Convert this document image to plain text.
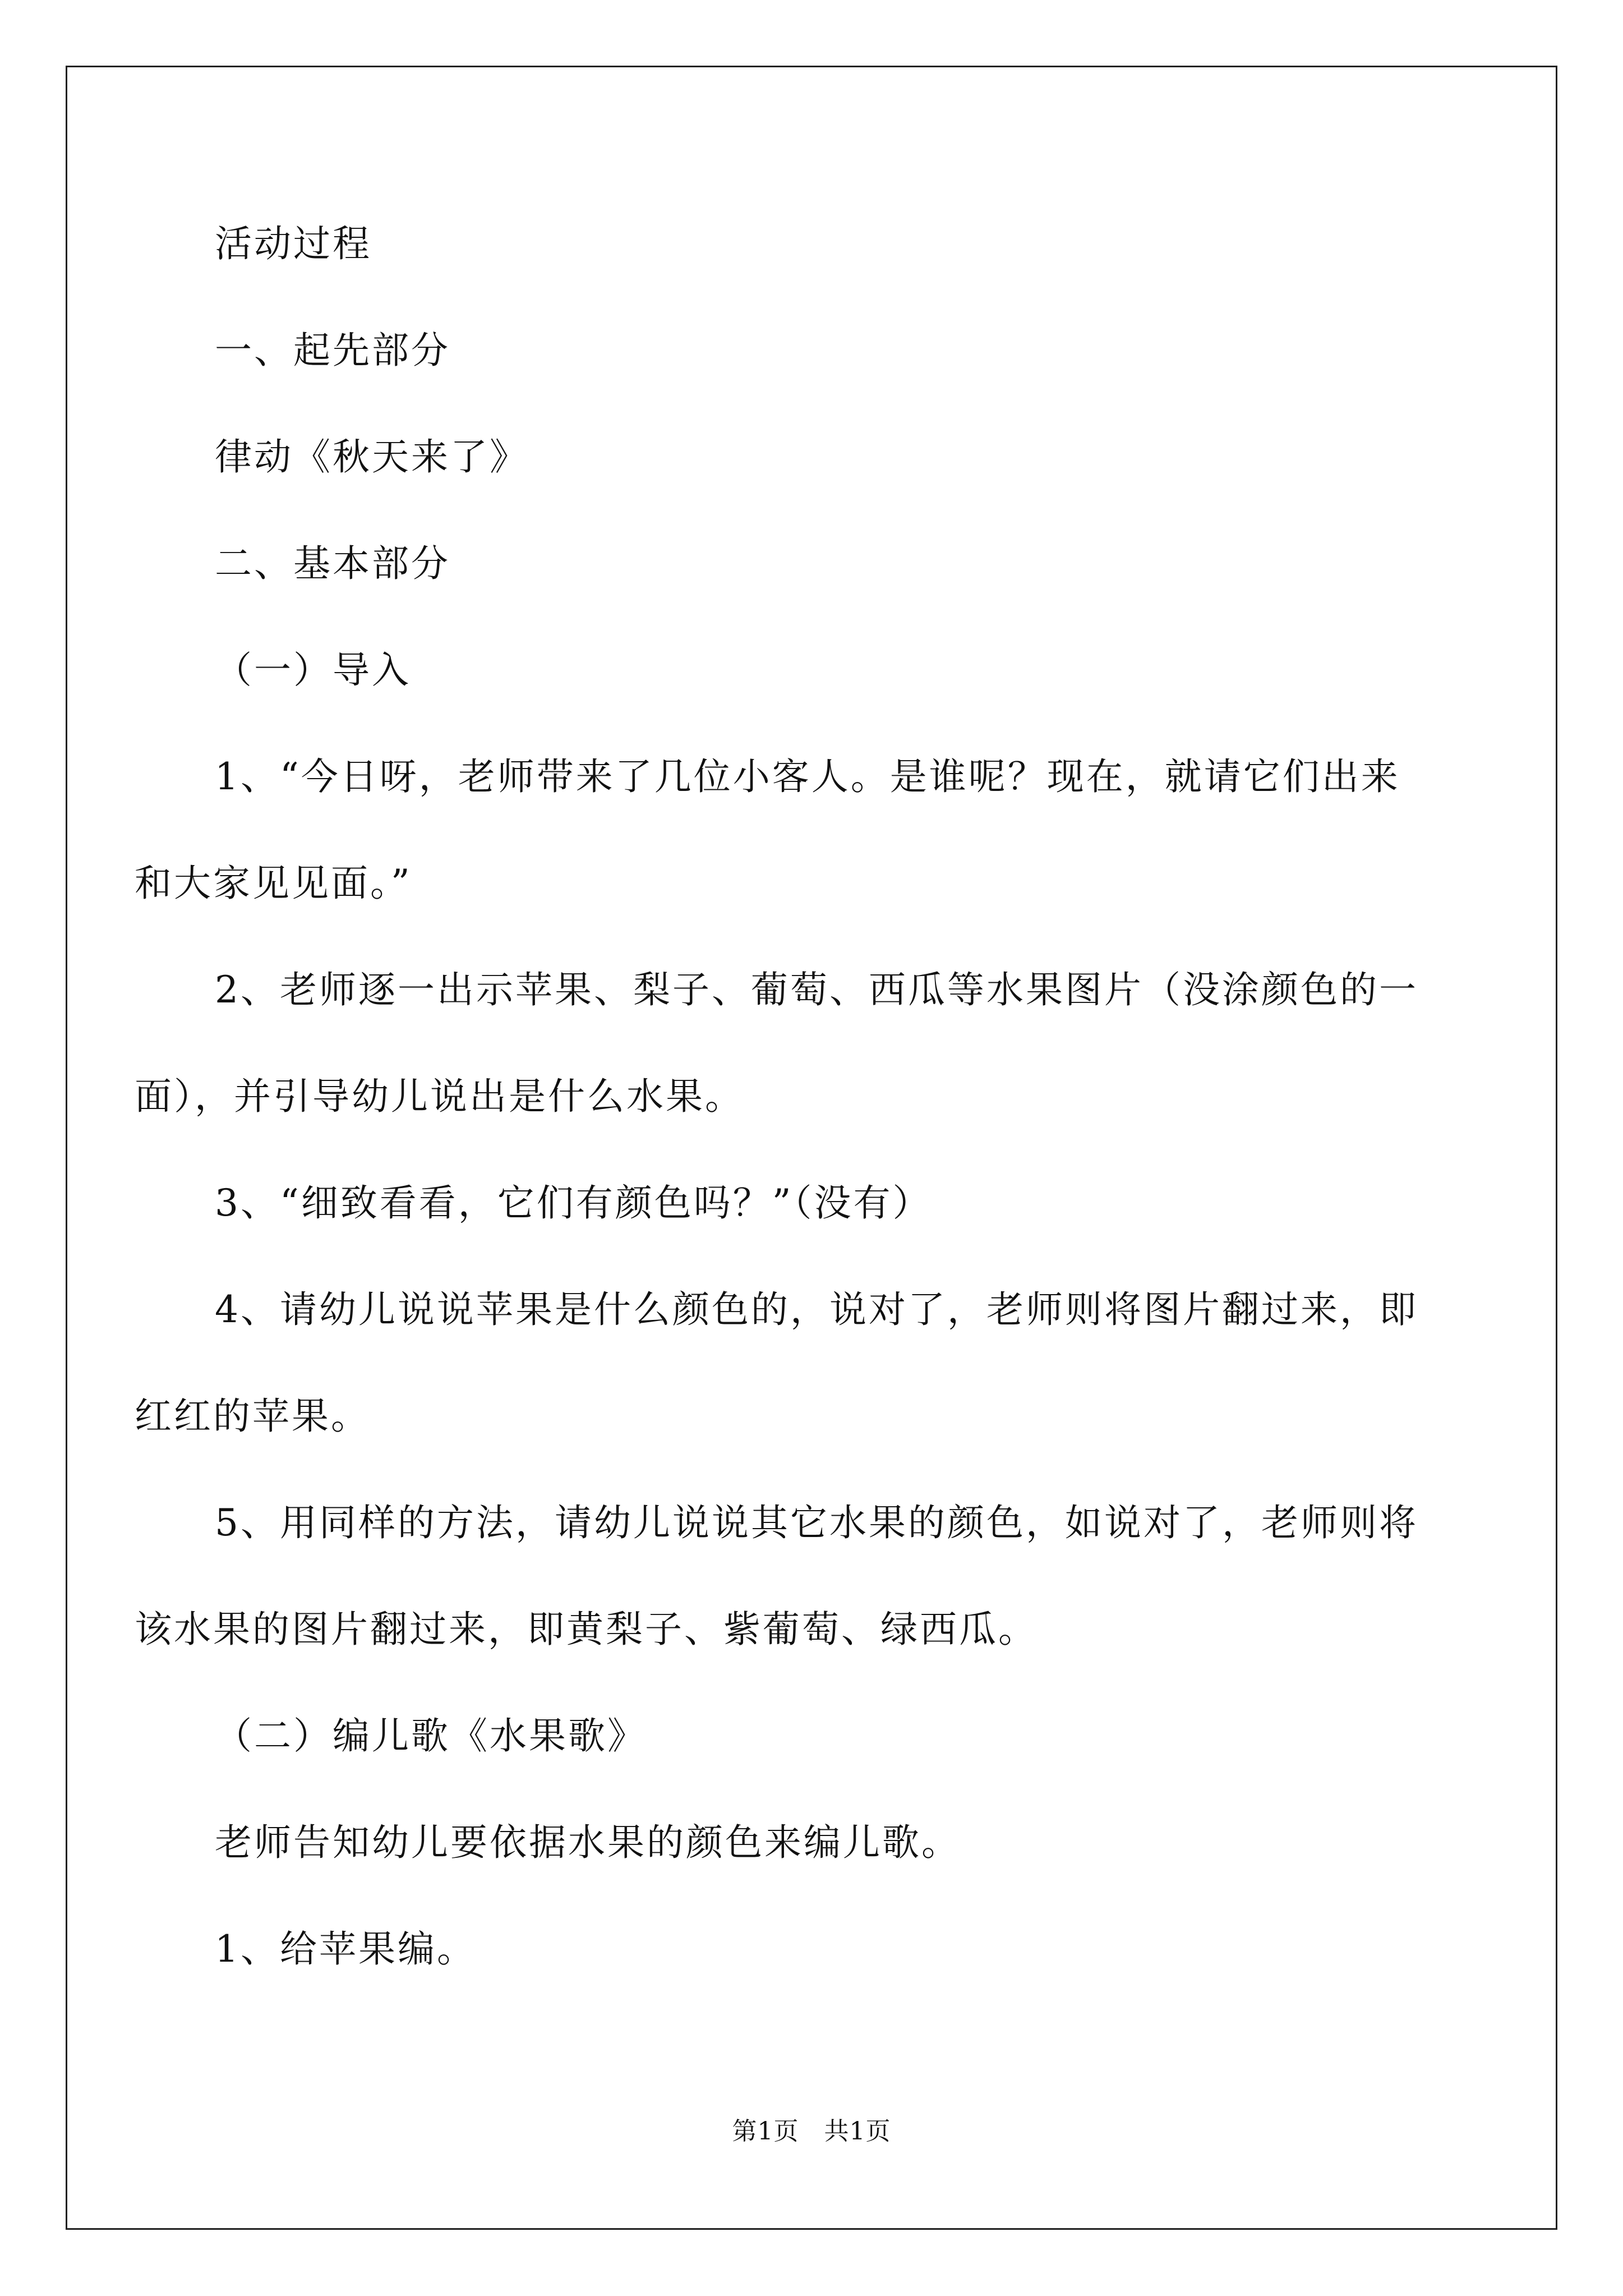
活动过程

一、起先部分

律动《秋天来了》

二、基本部分

（一）导入

1、“今日呀，老师带来了几位小客人。是谁呢？现在，就请它们出来和大家见见面。”

2、老师逐一出示苹果、梨子、葡萄、西瓜等水果图片（没涂颜色的一面），并引导幼儿说出是什么水果。

3、“细致看看，它们有颜色吗？”（没有）

4、请幼儿说说苹果是什么颜色的，说对了，老师则将图片翻过来，即红红的苹果。

5、用同样的方法，请幼儿说说其它水果的颜色，如说对了，老师则将该水果的图片翻过来，即黄梨子、紫葡萄、绿西瓜。

（二）编儿歌《水果歌》

老师告知幼儿要依据水果的颜色来编儿歌。

1、给苹果编。

第1页　共1页
